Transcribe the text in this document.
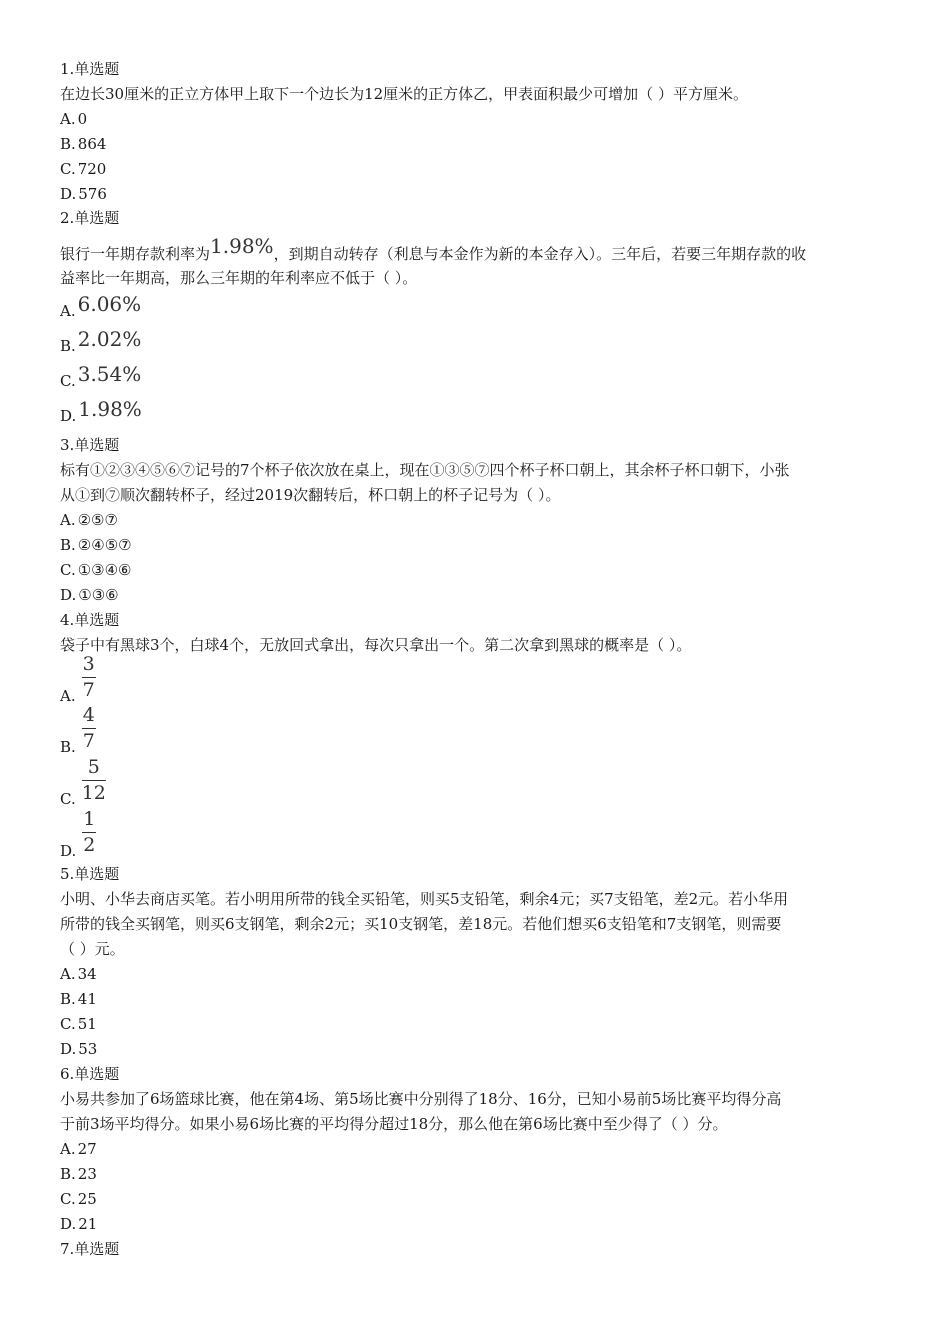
1.单选题
在边长30厘米的正立方体甲上取下一个边长为12厘米的正方体乙，甲表面积最少可增加（ ）平方厘米。
A. 0
B. 864
C. 720
D. 576
2.单选题
银行一年期存款利率为1.98%，到期自动转存（利息与本金作为新的本金存入）。三年后，若要三年期存款的收
益率比一年期高，那么三年期的年利率应不低于（ ）。
A. 6.06%
B. 2.02%
C. 3.54%
D. 1.98%
3.单选题
标有①②③④⑤⑥⑦记号的7个杯子依次放在桌上，现在①③⑤⑦四个杯子杯口朝上，其余杯子杯口朝下，小张
从①到⑦顺次翻转杯子，经过2019次翻转后，杯口朝上的杯子记号为（ ）。
A. ②⑤⑦
B. ②④⑤⑦
C. ①③④⑥
D. ①③⑥
4.单选题
袋子中有黑球3个，白球4个，无放回式拿出，每次只拿出一个。第二次拿到黑球的概率是（ ）。
A. $\frac{3}{7}$
B. $\frac{4}{7}$
C. $\frac{5}{12}$
D. $\frac{1}{2}$
5.单选题
小明、小华去商店买笔。若小明用所带的钱全买铅笔，则买5支铅笔，剩余4元；买7支铅笔，差2元。若小华用
所带的钱全买钢笔，则买6支钢笔，剩余2元；买10支钢笔，差18元。若他们想买6支铅笔和7支钢笔，则需要
（ ）元。
A. 34
B. 41
C. 51
D. 53
6.单选题
小易共参加了6场篮球比赛，他在第4场、第5场比赛中分别得了18分、16分，已知小易前5场比赛平均得分高
于前3场平均得分。如果小易6场比赛的平均得分超过18分，那么他在第6场比赛中至少得了（ ）分。
A. 27
B. 23
C. 25
D. 21
7.单选题
